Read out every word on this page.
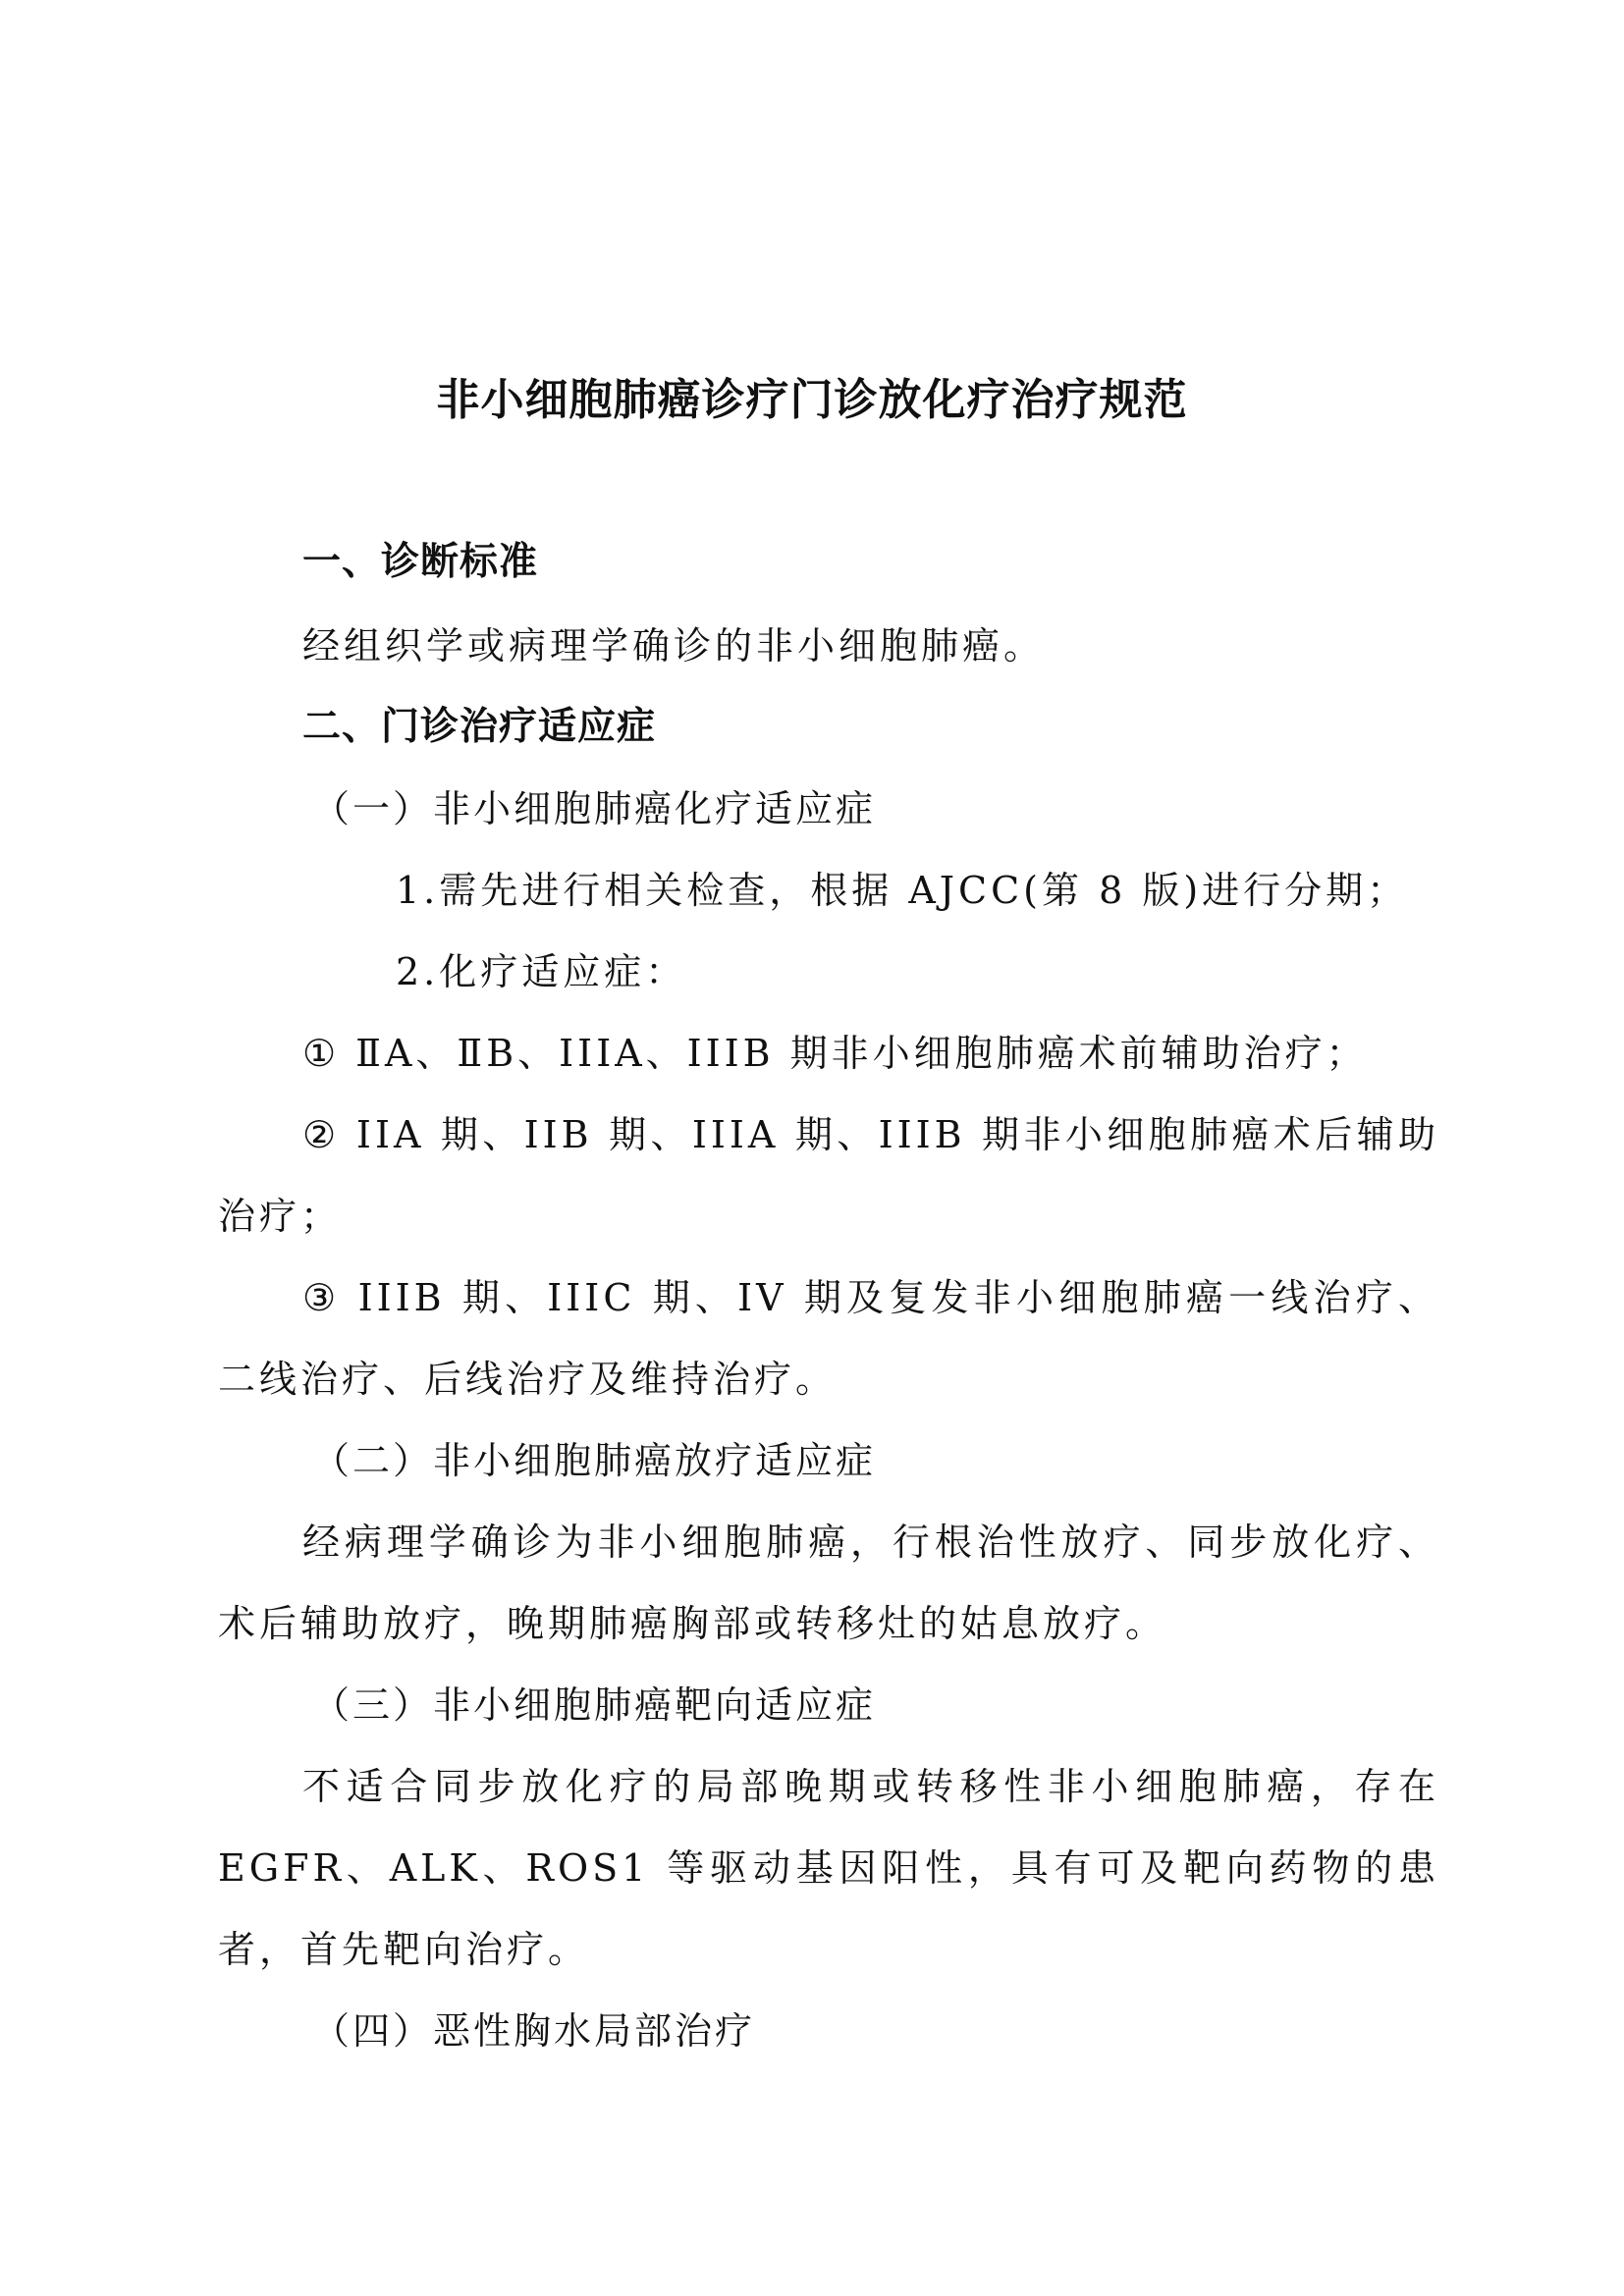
非小细胞肺癌诊疗门诊放化疗治疗规范

一、诊断标准

经组织学或病理学确诊的非小细胞肺癌。

二、门诊治疗适应症

（一）非小细胞肺癌化疗适应症

1.需先进行相关检查，根据 AJCC(第 8 版)进行分期；

2.化疗适应症：

① ⅡA、ⅡB、IIIA、IIIB 期非小细胞肺癌术前辅助治疗；

② IIA 期、IIB 期、IIIA 期、IIIB 期非小细胞肺癌术后辅助

治疗；

③ IIIB 期、IIIC 期、IV 期及复发非小细胞肺癌一线治疗、

二线治疗、后线治疗及维持治疗。

（二）非小细胞肺癌放疗适应症

经病理学确诊为非小细胞肺癌，行根治性放疗、同步放化疗、

术后辅助放疗，晚期肺癌胸部或转移灶的姑息放疗。

（三）非小细胞肺癌靶向适应症

不适合同步放化疗的局部晚期或转移性非小细胞肺癌，存在

EGFR、ALK、ROS1 等驱动基因阳性，具有可及靶向药物的患

者，首先靶向治疗。

（四）恶性胸水局部治疗
